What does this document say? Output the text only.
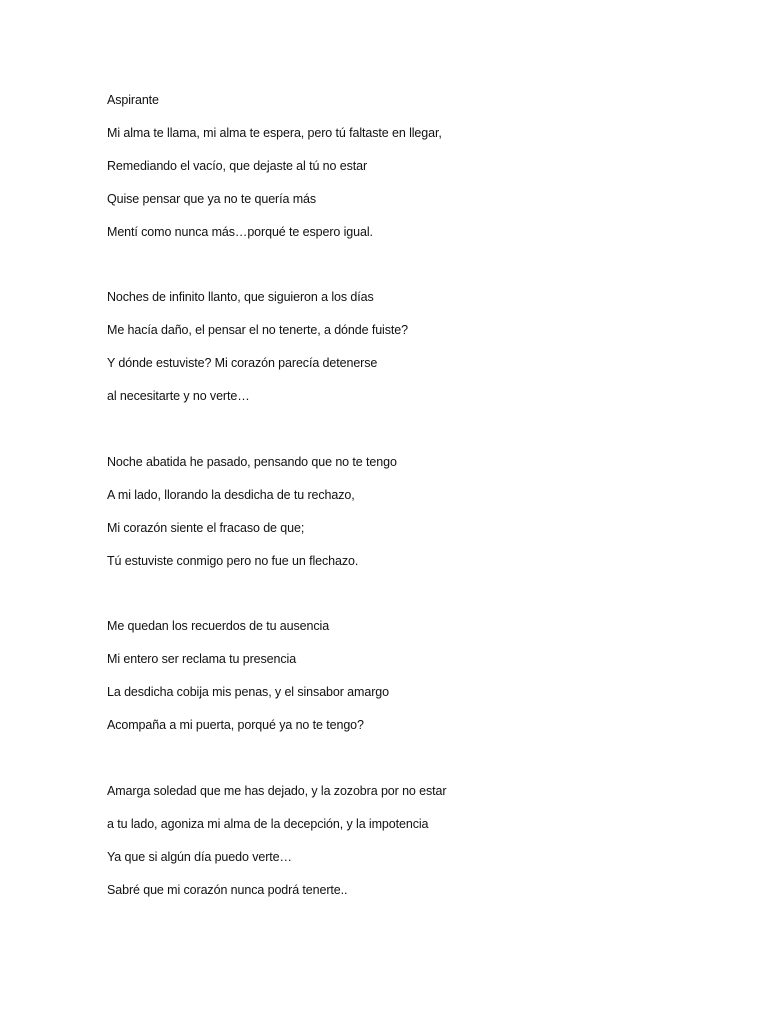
Aspirante

Mi alma te llama, mi alma te espera, pero tú faltaste en llegar,
Remediando el vacío, que dejaste al tú no estar
Quise pensar que ya no te quería más
Mentí como nunca más…porqué te espero igual.
Noches de infinito llanto, que siguieron a los días
Me hacía daño, el pensar el no tenerte, a dónde fuiste?
Y dónde estuviste? Mi corazón parecía detenerse
al necesitarte y no verte…
Noche abatida he pasado, pensando que no te tengo
A mi lado, llorando la desdicha de tu rechazo,
Mi corazón siente el fracaso de que;
Tú estuviste conmigo pero no fue un flechazo.
Me quedan los recuerdos de tu ausencia
Mi entero ser reclama tu presencia
La desdicha cobija mis penas, y el sinsabor amargo
Acompaña a mi puerta, porqué ya no te tengo?
Amarga soledad que me has dejado, y la zozobra por no estar
a tu lado, agoniza mi alma de la decepción, y la impotencia
Ya que si algún día puedo verte…
Sabré que mi corazón nunca podrá tenerte..
